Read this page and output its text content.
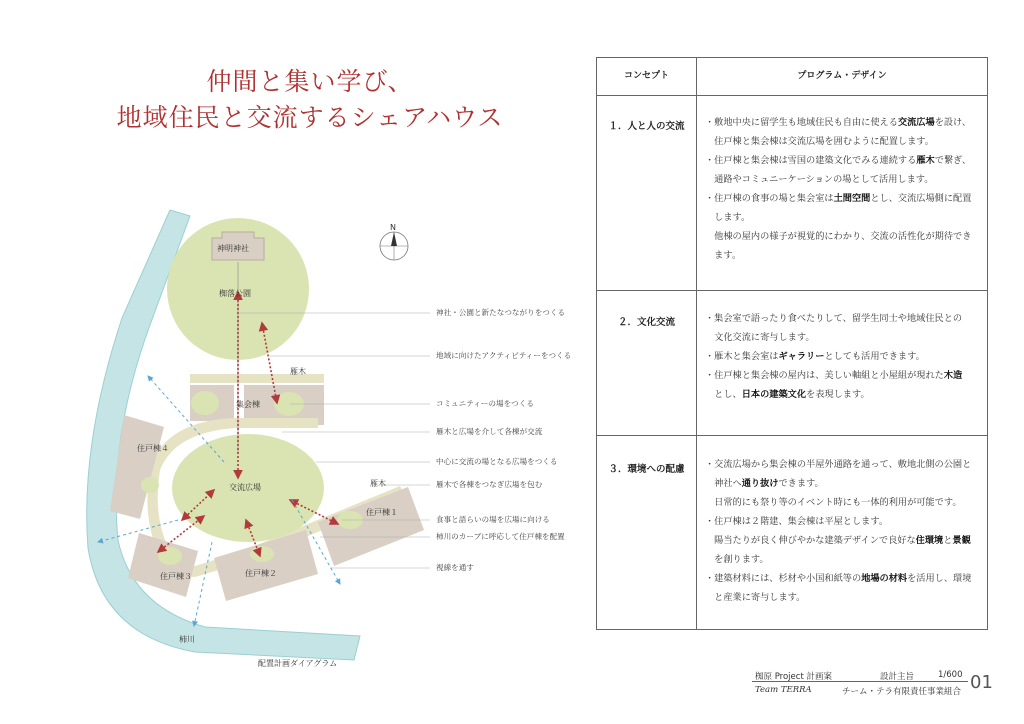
仲間と集い学び、
地域住民と交流するシェアハウス
N
神明神社
椥落公園
集会棟
交流広場
住戸棟１
住戸棟２
住戸棟３
住戸棟４
雁木
雁木
柿川
神社・公園と新たなつながりをつくる
地域に向けたアクティビティーをつくる
コミュニティーの場をつくる
雁木と広場を介して各棟が交流
中心に交流の場となる広場をつくる
雁木で各棟をつなぎ広場を包む
食事と語らいの場を広場に向ける
柿川のカーブに呼応して住戸棟を配置
視線を通す
配置計画ダイアグラム
コンセプト	プログラム・デザイン
１．人と人の交流	・敷地中央に留学生も地域住民も自由に使える交流広場を設け、

　住戸棟と集会棟は交流広場を囲むように配置します。

・住戸棟と集会棟は雪国の建築文化でみる連続する雁木で繋ぎ、

　通路やコミュニーケーションの場として活用します。

・住戸棟の食事の場と集会室は土間空間とし、交流広場側に配置

　します。

　他棟の屋内の様子が視覚的にわかり、交流の活性化が期待でき

　ます。

２．文化交流	・集会室で語ったり食べたりして、留学生同士や地域住民との

　文化交流に寄与します。

・雁木と集会室はギャラリーとしても活用できます。

・住戸棟と集会棟の屋内は、美しい軸組と小屋組が現れた木造

　とし、日本の建築文化を表現します。

３．環境への配慮	・交流広場から集会棟の半屋外通路を通って、敷地北側の公園と

　神社へ通り抜けできます。

　日常的にも祭り等のイベント時にも一体的利用が可能です。

・住戸棟は２階建、集会棟は平屋とします。

　陽当たりが良く伸びやかな建築デザインで良好な住環境と景観

　を創ります。

・建築材料には、杉材や小国和紙等の地場の材料を活用し、環境

　と産業に寄与します。

椥原 Project 計画案	設計主旨	1/600
Team TERRA	チーム・テラ有限責任事業組合 01
